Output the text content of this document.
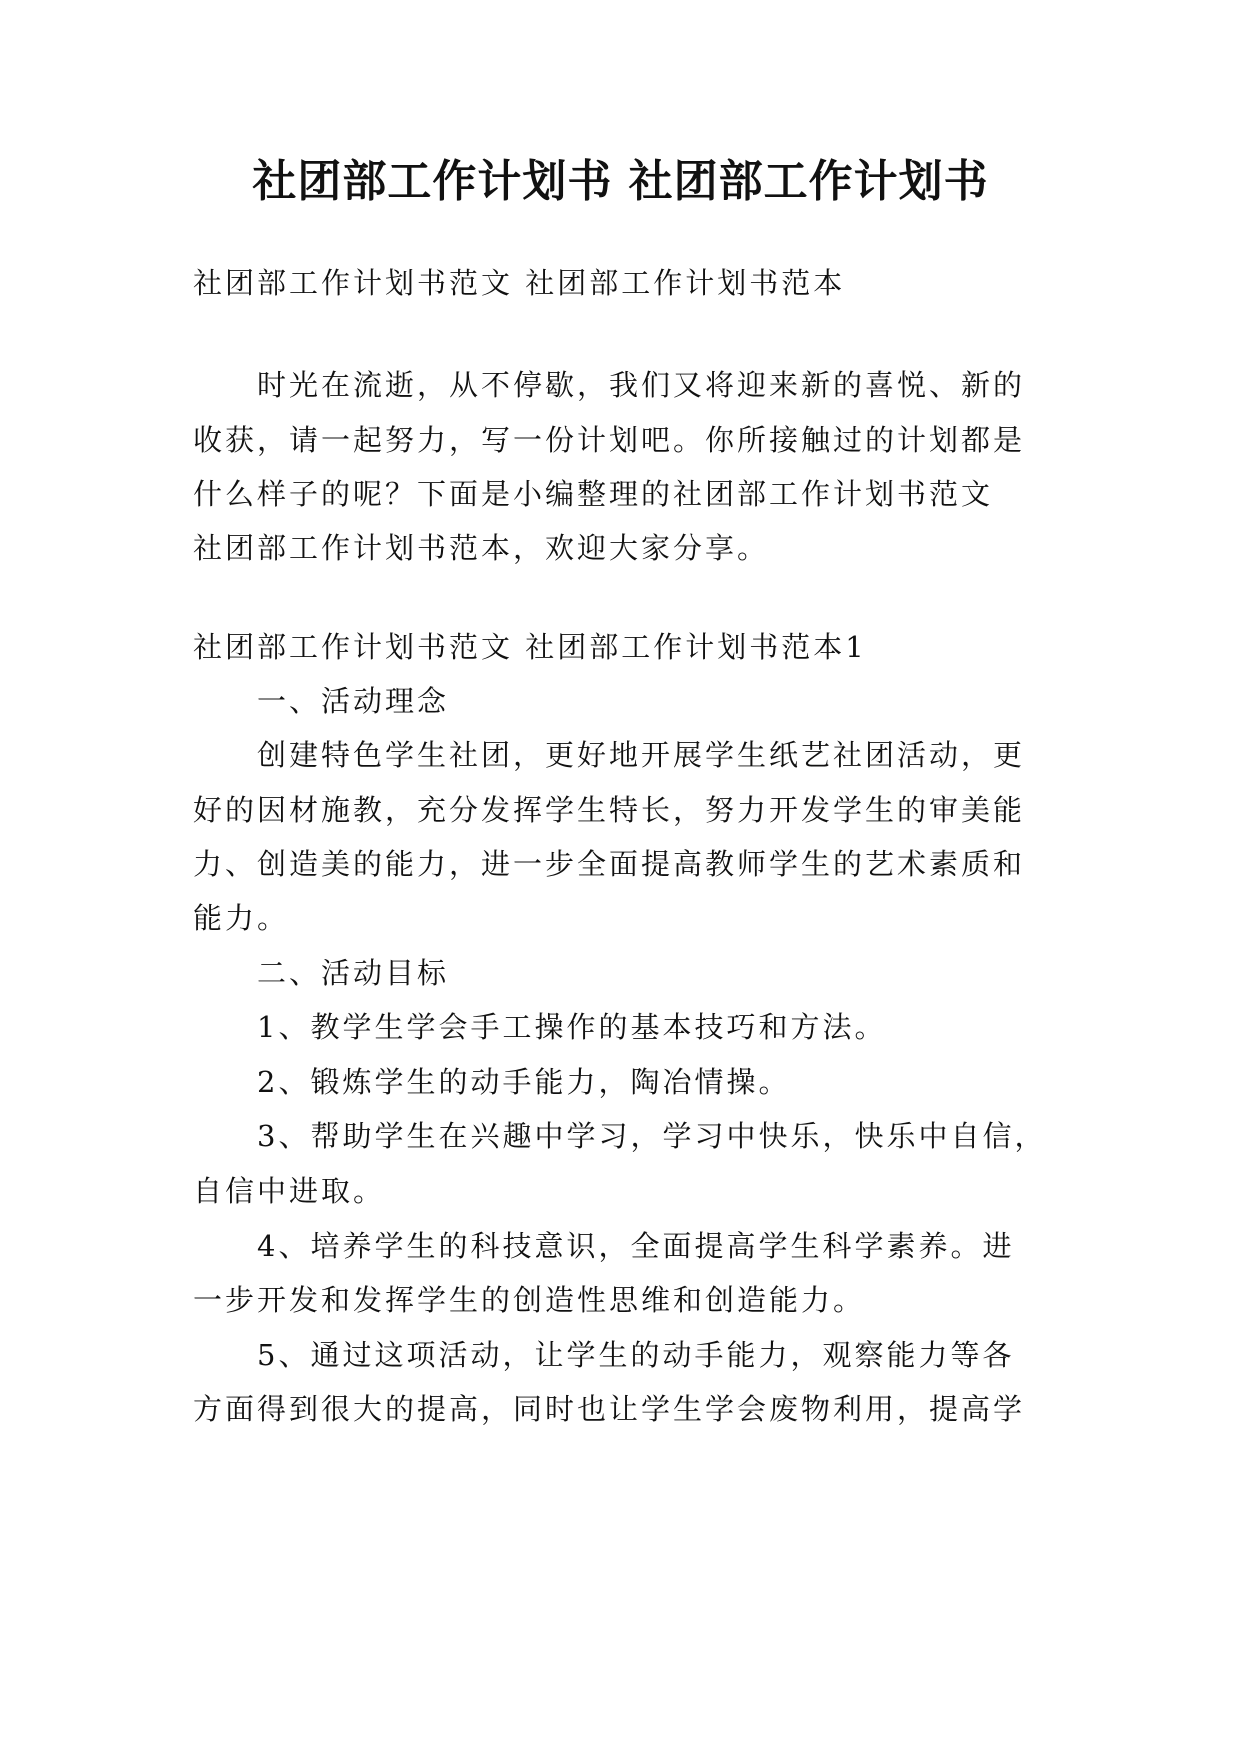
社团部工作计划书 社团部工作计划书
社团部工作计划书范文 社团部工作计划书范本
时光在流逝，从不停歇，我们又将迎来新的喜悦、新的
收获，请一起努力，写一份计划吧。你所接触过的计划都是
什么样子的呢？下面是小编整理的社团部工作计划书范文
社团部工作计划书范本，欢迎大家分享。
社团部工作计划书范文 社团部工作计划书范本1
一、活动理念
创建特色学生社团，更好地开展学生纸艺社团活动，更
好的因材施教，充分发挥学生特长，努力开发学生的审美能
力、创造美的能力，进一步全面提高教师学生的艺术素质和
能力。
二、活动目标
1、教学生学会手工操作的基本技巧和方法。
2、锻炼学生的动手能力，陶冶情操。
3、帮助学生在兴趣中学习，学习中快乐，快乐中自信，
自信中进取。
4、培养学生的科技意识，全面提高学生科学素养。进
一步开发和发挥学生的创造性思维和创造能力。
5、通过这项活动，让学生的动手能力，观察能力等各
方面得到很大的提高，同时也让学生学会废物利用，提高学
